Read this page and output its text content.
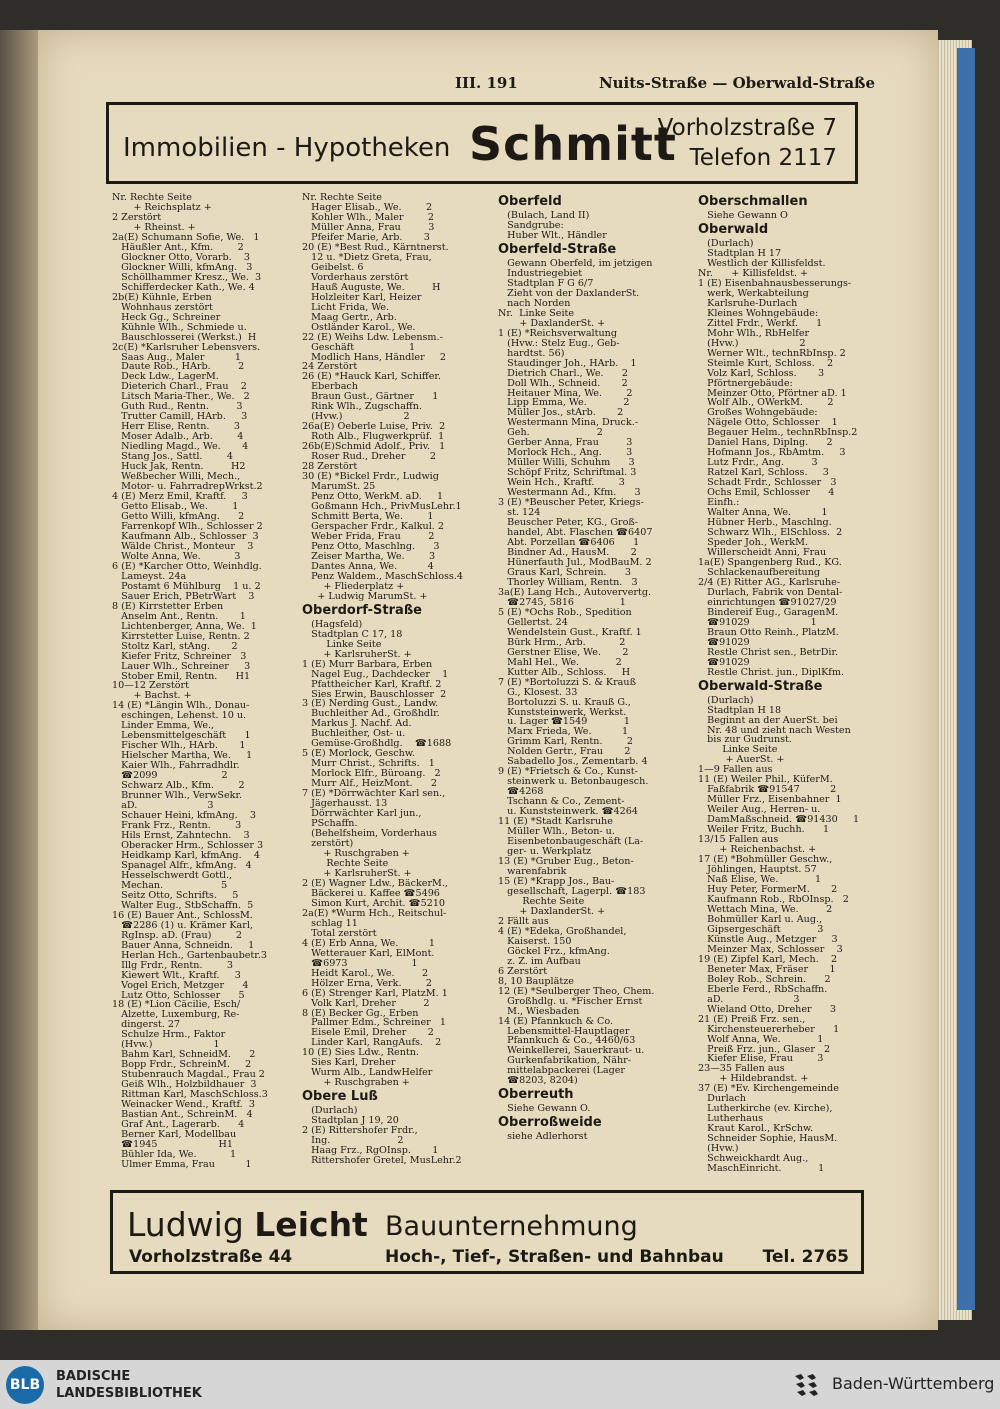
III. 191	Nuits-Straße — Oberwald-Straße
Immobilien - Hypotheken Schmitt
Vorholzstraße 7
Telefon 2117
Nr. Rechte Seite
+ Reichsplatz +
2 Zerstört
+ Rheinst. +
2a(E) Schumann Sofie, We.   1
Häußler Ant., Kfm.        2
Glockner Otto, Vorarb.    3
Glockner Willi, kfmAng.   3
Schöllhammer Kresz., We.  3
Schifferdecker Kath., We. 4
2b(E) Kühnle, Erben
Wohnhaus zerstört
Heck Gg., Schreiner
Kühnle Wlh., Schmiede u.
Bauschlosserei (Werkst.)  H
2c(E) *Karlsruher Lebensvers.
Saas Aug., Maler          1
Daute Rob., HArb.         2
Deck Ldw., LagerM.
Dieterich Charl., Frau    2
Litsch Maria-Ther., We.   2
Guth Rud., Rentn.         3
Trutter Camill, HArb.     3
Herr Elise, Rentn.        3
Moser Adalb., Arb.        4
Niedling Magd., We.       4
Stang Jos., Sattl.        4
Huck Jak, Rentn.         H2
Weßbecher Willi, Mech.,
Motor- u. FahrradrepWrkst.2
4 (E) Merz Emil, Kraftf.     3
Getto Elisab., We.        1
Getto Willi, kfmAng.      2
Farrenkopf Wlh., Schlosser 2
Kaufmann Alb., Schlosser  3
Wälde Christ., Monteur    3
Wolte Anna, We.           3
6 (E) *Karcher Otto, Weinhdlg.
Lameyst. 24a
Postamt 6 Mühlburg    1 u. 2
Sauer Erich, PBetrWart    3
8 (E) Kirrstetter Erben
Anselm Ant., Rentn.       1
Lichtenberger, Anna, We.  1
Kirrstetter Luise, Rentn. 2
Stoltz Karl, stAng.       2
Kiefer Fritz, Schreiner   3
Lauer Wlh., Schreiner     3
Stober Emil, Rentn.      H1
10—12 Zerstört
+ Bachst. +
14 (E) *Längin Wlh., Donau-
eschingen, Lehenst. 10 u.
Linder Emma, We.,
Lebensmittelgeschäft      1
Fischer Wlh., HArb.       1
Hielscher Martha, We.     1
Kaier Wlh., Fahrradhdlr.
☎2099                     2
Schwarz Alb., Kfm.        2
Brunner Wlh., VerwSekr.
aD.                       3
Schauer Heini, kfmAng.    3
Frank Frz., Rentn.        3
Hils Ernst, Zahntechn.    3
Oberacker Hrm., Schlosser 3
Heidkamp Karl, kfmAng.    4
Spanagel Alfr., kfmAng.   4
Hesselschwerdt Gottl.,
Mechan.                   5
Seitz Otto, Schrifts.     5
Walter Eug., StbSchaffn.  5
16 (E) Bauer Ant., SchlossM.
☎2286 (1) u. Krämer Karl,
RgInsp. aD. (Frau)        2
Bauer Anna, Schneidn.     1
Herlan Hch., Gartenbaubetr.3
Illg Frdr., Rentn.        3
Kiewert Wlt., Kraftf.     3
Vogel Erich, Metzger      4
Lutz Otto, Schlosser      5
18 (E) *Lion Cäcilie, Esch/
Alzette, Luxemburg, Re-
dingerst. 27
Schulze Hrm., Faktor
(Hvw.)                    1
Bahm Karl, SchneidM.      2
Bopp Frdr., SchreinM.     2
Stubenrauch Magdal., Frau 2
Geiß Wlh., Holzbildhauer  3
Rittman Karl, MaschSchloss.3
Weinacker Wend., Kraftf.  3
Bastian Ant., SchreinM.   4
Graf Ant., Lagerarb.      4
Berner Karl, Modellbau
☎1945                    H1
Bühler Ida, We.           1
Ulmer Emma, Frau          1
Nr. Rechte Seite
Hager Elisab., We.        2
Kohler Wlh., Maler        2
Müller Anna, Frau         3
Pfeifer Marie, Arb.       3
20 (E) *Best Rud., Kärntnerst.
12 u. *Dietz Greta, Frau,
Geibelst. 6
Vorderhaus zerstört
Hauß Auguste, We.         H
Holzleiter Karl, Heizer
Licht Frida, We.
Maag Gertr., Arb.
Ostländer Karol., We.
22 (E) Weihs Ldw. Lebensm.-
Geschäft                  1
Modlich Hans, Händler     2
24 Zerstört
26 (E) *Hauck Karl, Schiffer.
Eberbach
Braun Gust., Gärtner      1
Rink Wlh., Zugschaffn.
(Hvw.)                    2
26a(E) Oeberle Luise, Priv.  2
Roth Alb., Flugwerkprüf.  1
26b(E)Schmid Adolf., Priv.   1
Roser Rud., Dreher        2
28 Zerstört
30 (E) *Bickel Frdr., Ludwig
MarumSt. 25
Penz Otto, WerkM. aD.     1
Goßmann Hch., PrivMusLehr.1
Schmitt Berta, We.        1
Gerspacher Frdr., Kalkul. 2
Weber Frida, Frau         2
Penz Otto, Maschlng.      3
Zeiser Martha, We.        3
Dantes Anna, We.          4
Penz Waldem., MaschSchloss.4
+ Fliederplatz +
+ Ludwig MarumSt. +
Oberdorf-Straße
(Hagsfeld)
Stadtplan C 17, 18
Linke Seite
+ KarlsruherSt. +
1 (E) Murr Barbara, Erben
Nagel Eug., Dachdecker    1
Pfattheicher Karl, Kraftf. 2
Sies Erwin, Bauschlosser  2
3 (E) Nerding Gust., Landw.
Buchleither Ad., Großhdlr.
Markus J. Nachf. Ad.
Buchleither, Ost- u.
Gemüse-Großhdlg.    ☎1688
5 (E) Morlock, Geschw.
Murr Christ., Schrifts.   1
Morlock Elfr., Büroang.   2
Murr Alf., HeizMont.      2
7 (E) *Dörrwächter Karl sen.,
Jägerhausst. 13
Dörrwächter Karl jun.,
PSchaffn.
(Behelfsheim, Vorderhaus
zerstört)
+ Ruschgraben +
Rechte Seite
+ KarlsruherSt. +
2 (E) Wagner Ldw., BäckerM.,
Bäckerei u. Kaffee ☎5496
Simon Kurt, Archit. ☎5210
2a(E) *Wurm Hch., Reitschul-
schlag 11
Total zerstört
4 (E) Erb Anna, We.          1
Wetterauer Karl, ElMont.
☎6973                     1
Heidt Karol., We.         2
Hölzer Erna, Verk.        2
6 (E) Strenger Karl, PlatzM. 1
Volk Karl, Dreher         2
8 (E) Becker Gg., Erben
Pallmer Edm., Schreiner   1
Eisele Emil, Dreher       2
Linder Karl, RangAufs.    2
10 (E) Sies Ldw., Rentn.
Sies Karl, Dreher
Wurm Alb., LandwHelfer
+ Ruschgraben +
Obere Luß
(Durlach)
Stadtplan J 19, 20
2 (E) Rittershofer Frdr.,
Ing.                      2
Haag Frz., RgOInsp.       1
Rittershofer Gretel, MusLehr.2
Oberfeld
(Bulach, Land II)
Sandgrube:
Huber Wlt., Händler
Oberfeld-Straße
Gewann Oberfeld, im jetzigen
Industriegebiet
Stadtplan F G 6/7
Zieht von der DaxlanderSt.
nach Norden
Nr.  Linke Seite
+ DaxlanderSt. +
1 (E) *Reichsverwaltung
(Hvw.: Stelz Eug., Geb-
hardtst. 56)
Staudinger Joh., HArb.    1
Dietrich Charl., We.      2
Doll Wlh., Schneid.       2
Heitauer Mina, We.        2
Lipp Emma, We.            2
Müller Jos., stArb.       2
Westermann Mina, Druck.-
Geh.                      2
Gerber Anna, Frau         3
Morlock Hch., Ang.        3
Müller Willi, Schuhm      3
Schöpf Fritz, Schriftmal. 3
Wein Hch., Kraftf.        3
Westermann Ad., Kfm.      3
3 (E) *Beuscher Peter, Kriegs-
st. 124
Beuscher Peter, KG., Groß-
handel, Abt. Flaschen ☎6407
Abt. Porzellan ☎6406      1
Bindner Ad., HausM.       2
Hünerfauth Jul., ModBauM. 2
Graus Karl, Schrein.      3
Thorley William, Rentn.   3
3a(E) Lang Hch., Autoververtg.
☎2745, 5816               1
5 (E) *Ochs Rob., Spedition
Gellertst. 24
Wendelstein Gust., Kraftf. 1
Bürk Hrm., Arb.           2
Gerstner Elise, We.       2
Mahl Hel., We.            2
Kutter Alb., Schloss.     H
7 (E) *Bortoluzzi S. & Krauß
G., Klosest. 33
Bortoluzzi S. u. Krauß G.,
Kunststeinwerk, Werkst.
u. Lager ☎1549            1
Marx Frieda, We.          1
Grimm Karl, Rentn.        2
Nolden Gertr., Frau       2
Sabadello Jos., Zementarb. 4
9 (E) *Frietsch & Co., Kunst-
steinwerk u. Betonbaugesch.
☎4268
Tschann & Co., Zement-
u. Kunststeinwerk. ☎4264
11 (E) *Stadt Karlsruhe
Müller Wlh., Beton- u.
Eisenbetonbaugeschäft (La-
ger- u. Werkplatz
13 (E) *Gruber Eug., Beton-
warenfabrik
15 (E) *Krapp Jos., Bau-
gesellschaft, Lagerpl. ☎183
Rechte Seite
+ DaxlanderSt. +
2 Fällt aus
4 (E) *Edeka, Großhandel,
Kaiserst. 150
Göckel Frz., kfmAng.
z. Z. im Aufbau
6 Zerstört
8, 10 Bauplätze
12 (E) *Seulberger Theo, Chem.
Großhdlg. u. *Fischer Ernst
M., Wiesbaden
14 (E) Pfannkuch & Co.
Lebensmittel-Hauptlager
Pfannkuch & Co., 4460/63
Weinkellerei, Sauerkraut- u.
Gurkenfabrikation, Nähr-
mittelabpackerei (Lager
☎8203, 8204)
Oberreuth
Siehe Gewann O.
Oberroßweide
siehe Adlerhorst
Oberschmallen
Siehe Gewann O
Oberwald
(Durlach)
Stadtplan H 17
Westlich der Killisfeldst.
Nr.      + Killisfeldst. +
1 (E) Eisenbahnausbesserungs-
werk, Werkabteilung
Karlsruhe-Durlach
Kleines Wohngebäude:
Zittel Frdr., Werkf.      1
Mohr Wlh., RbHelfer
(Hvw.)                    2
Werner Wlt., technRbInsp. 2
Steimle Kurt, Schloss.    2
Volz Karl, Schloss.       3
Pförtnergebäude:
Meinzer Otto, Pförtner aD. 1
Wolf Alb., OWerkM.        2
Großes Wohngebäude:
Nägele Otto, Schlosser    1
Begauer Helm., technRbInsp.2
Daniel Hans, Diplng.      2
Hofmann Jos., RbAmtm.     3
Lutz Frdr., Ang.         3
Ratzel Karl, Schloss.     3
Schadt Frdr., Schlosser   3
Ochs Emil, Schlosser      4
Einfh.:
Walter Anna, We.          1
Hübner Herb., Maschlng.
Schwarz Wlh., ElSchloss.  2
Speder Joh., WerkM.
Willerscheidt Anni, Frau
1a(E) Spangenberg Rud., KG.
Schlackenaufbereitung
2/4 (E) Ritter AG., Karlsruhe-
Durlach, Fabrik von Dental-
einrichtungen ☎91027/29
Bindereif Eug., GaragenM.
☎91029                    1
Braun Otto Reinh., PlatzM.
☎91029
Restle Christ sen., BetrDir.
☎91029
Restle Christ. jun., DiplKfm.
Oberwald-Straße
(Durlach)
Stadtplan H 18
Beginnt an der AuerSt. bei
Nr. 48 und zieht nach Westen
bis zur Gudrunst.
Linke Seite
+ AuerSt. +
1—9 Fallen aus
11 (E) Weiler Phil., KüferM.
Faßfabrik ☎91547          2
Müller Frz., Eisenbahner  1
Weiler Aug., Herren- u.
DamMaßschneid. ☎91430     1
Weiler Fritz, Buchh.      1
13/15 Fallen aus
+ Reichenbachst. +
17 (E) *Bohmüller Geschw.,
Jöhlingen, Hauptst. 57
Naß Elise, We.            1
Huy Peter, FormerM.       2
Kaufmann Rob., RbOInsp.   2
Wettach Mina, We.         2
Bohmüller Karl u. Aug.,
Gipsergeschäft            3
Künstle Aug., Metzger     3
Meinzer Max, Schlosser    3
19 (E) Zipfel Karl, Mech.    2
Beneter Max, Fräser       1
Boley Rob., Schrein.      2
Eberle Ferd., RbSchaffn.
aD.                       3
Wieland Otto, Dreher      3
21 (E) Preiß Frz. sen.,
Kirchensteuererheber      1
Wolf Anna, We.            1
Preiß Frz. jun., Glaser   2
Kiefer Elise, Frau        3
23—35 Fallen aus
+ Hildebrandst. +
37 (E) *Ev. Kirchengemeinde
Durlach
Lutherkirche (ev. Kirche),
Lutherhaus
Kraut Karol., KrSchw.
Schneider Sophie, HausM.
(Hvw.)
Schweickhardt Aug.,
MaschEinricht.            1
Ludwig Leicht Bauunternehmung
Vorholzstraße 44	Hoch-, Tief-, Straßen- und Bahnbau Tel. 2765
BLB
BADISCHE
LANDESBIBLIOTHEK
Baden-Württemberg
